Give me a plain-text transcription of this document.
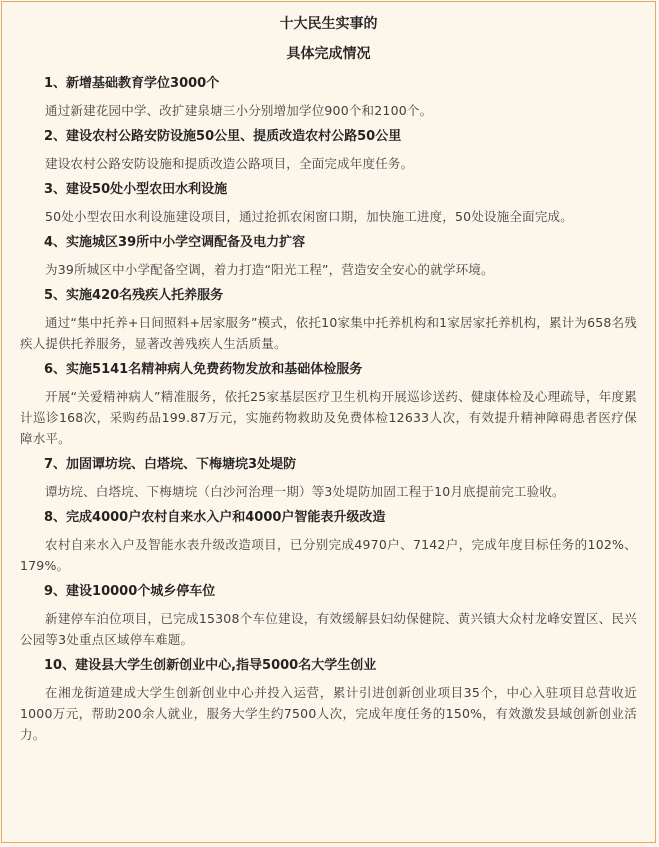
十大民生实事的
具体完成情况
1、新增基础教育学位3000个
通过新建花园中学、改扩建泉塘三小分别增加学位900个和2100个。
2、建设农村公路安防设施50公里、提质改造农村公路50公里
建设农村公路安防设施和提质改造公路项目，全面完成年度任务。
3、建设50处小型农田水利设施
50处小型农田水利设施建设项目，通过抢抓农闲窗口期，加快施工进度，50处设施全面完成。
4、实施城区39所中小学空调配备及电力扩容
为39所城区中小学配备空调，着力打造“阳光工程”，营造安全安心的就学环境。
5、实施420名残疾人托养服务
通过“集中托养+日间照料+居家服务”模式，依托10家集中托养机构和1家居家托养机构，累计为658名残疾人提供托养服务，显著改善残疾人生活质量。
6、实施5141名精神病人免费药物发放和基础体检服务
开展“关爱精神病人”精准服务，依托25家基层医疗卫生机构开展巡诊送药、健康体检及心理疏导，年度累计巡诊168次，采购药品199.87万元，实施药物救助及免费体检12633人次，有效提升精神障碍患者医疗保障水平。
7、加固谭坊垸、白塔垸、下梅塘垸3处堤防
谭坊垸、白塔垸、下梅塘垸（白沙河治理一期）等3处堤防加固工程于10月底提前完工验收。
8、完成4000户农村自来水入户和4000户智能表升级改造
农村自来水入户及智能水表升级改造项目，已分别完成4970户、7142户，完成年度目标任务的102%、179%。
9、建设10000个城乡停车位
新建停车泊位项目，已完成15308个车位建设，有效缓解县妇幼保健院、黄兴镇大众村龙峰安置区、民兴公园等3处重点区域停车难题。
10、建设县大学生创新创业中心,指导5000名大学生创业
在湘龙街道建成大学生创新创业中心并投入运营，累计引进创新创业项目35个，中心入驻项目总营收近1000万元，帮助200余人就业，服务大学生约7500人次，完成年度任务的150%，有效激发县域创新创业活力。
